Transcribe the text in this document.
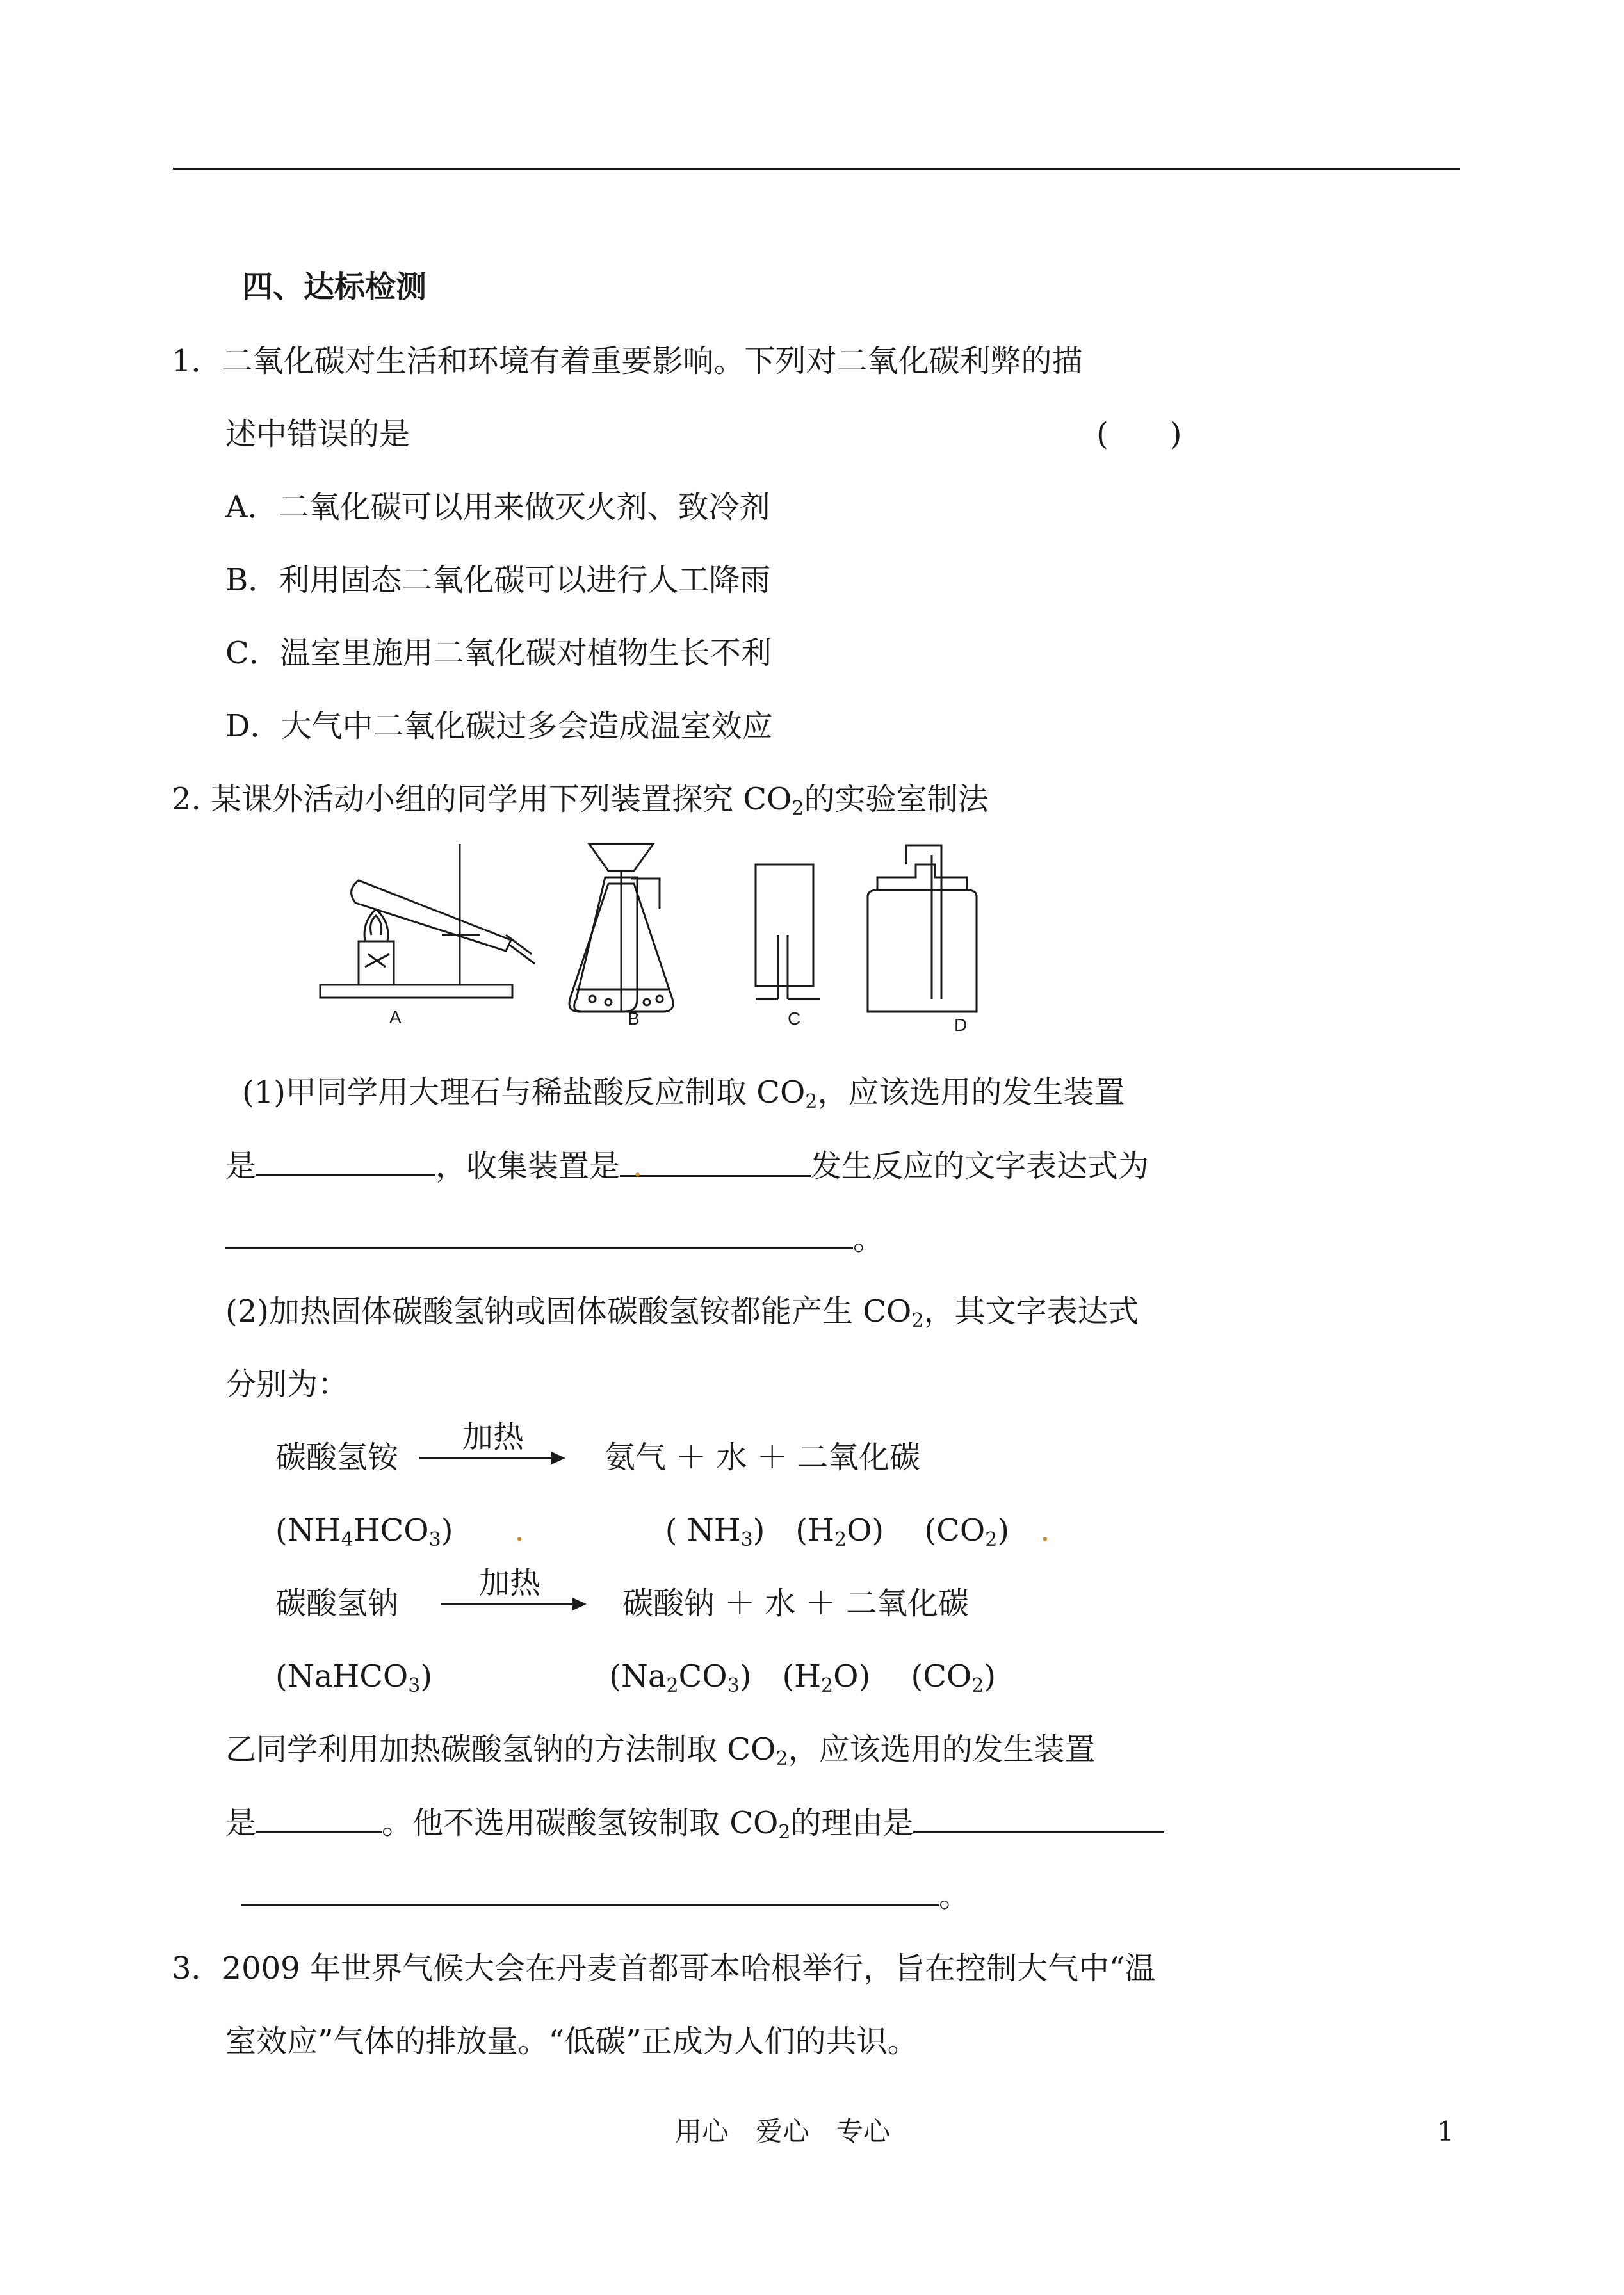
四、达标检测
1．二氧化碳对生活和环境有着重要影响。下列对二氧化碳利弊的描
述中错误的是	(　　)
A．二氧化碳可以用来做灭火剂、致冷剂
B．利用固态二氧化碳可以进行人工降雨
C．温室里施用二氧化碳对植物生长不利
D．大气中二氧化碳过多会造成温室效应
2. 某课外活动小组的同学用下列装置探究 $CO_2$的实验室制法
A	B	C	D
(1)甲同学用大理石与稀盐酸反应制取 $CO_2$，应该选用的发生装置
是	，收集装置是 .	发生反应的文字表达式为
。
(2)加热固体碳酸氢钠或固体碳酸氢铵都能产生 $CO_2$，其文字表达式
分别为：
碳酸氢铵
加热
氨气 ＋ 水 ＋ 二氧化碳
$(NH_4HCO_3)$ .	( $NH_3$)　$(H_2O)$　 $(CO_2)$ .
碳酸氢钠
加热
碳酸钠 ＋ 水 ＋ 二氧化碳
(NaHCO$_3$)	$(Na_2CO_3)$　$(H_2O)$　 $(CO_2)$
乙同学利用加热碳酸氢钠的方法制取 $CO_2$，应该选用的发生装置
是	。他不选用碳酸氢铵制取 $CO_2$的理由是
。
3．2009 年世界气候大会在丹麦首都哥本哈根举行，旨在控制大气中“温
室效应”气体的排放量。“低碳”正成为人们的共识。
用心　爱心　专心	1
